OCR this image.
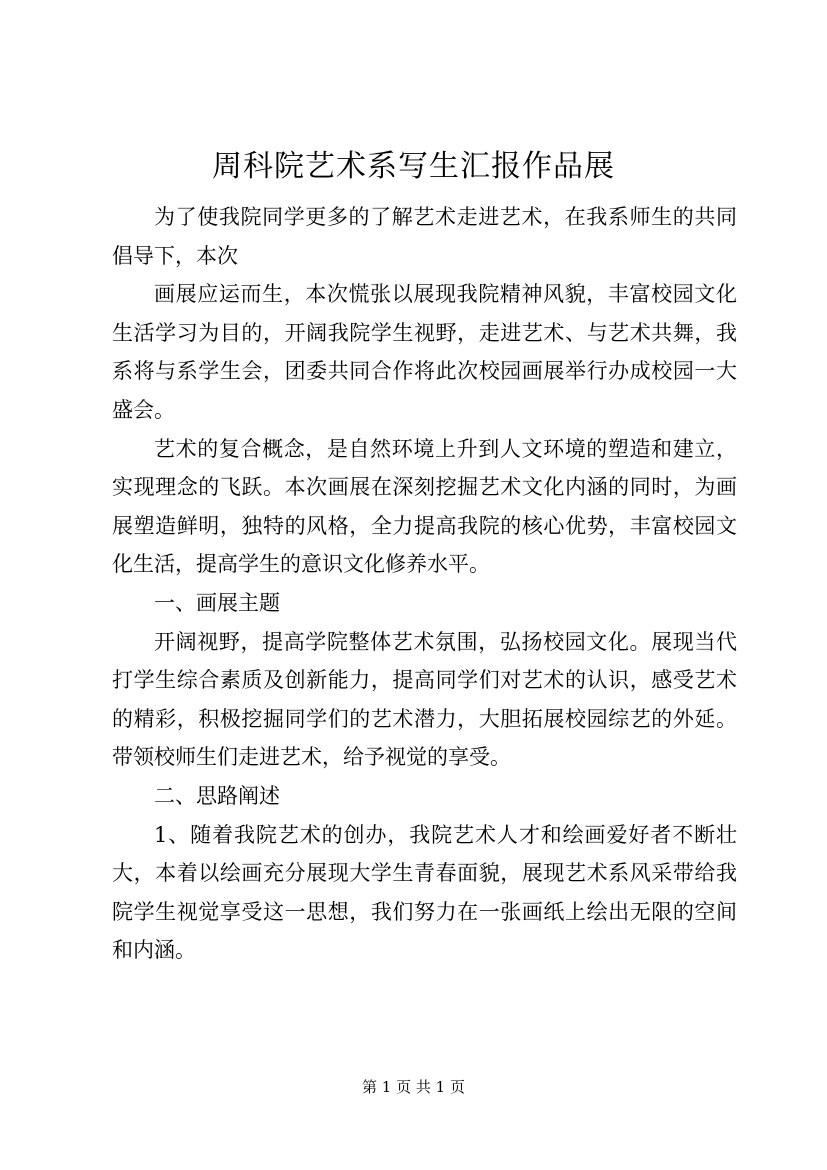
周科院艺术系写生汇报作品展

为了使我院同学更多的了解艺术走进艺术，在我系师生的共同倡导下，本次

画展应运而生，本次慌张以展现我院精神风貌，丰富校园文化生活学习为目的，开阔我院学生视野，走进艺术、与艺术共舞，我系将与系学生会，团委共同合作将此次校园画展举行办成校园一大盛会。

艺术的复合概念，是自然环境上升到人文环境的塑造和建立，实现理念的飞跃。本次画展在深刻挖掘艺术文化内涵的同时，为画展塑造鲜明，独特的风格，全力提高我院的核心优势，丰富校园文化生活，提高学生的意识文化修养水平。

一、画展主题

开阔视野，提高学院整体艺术氛围，弘扬校园文化。展现当代打学生综合素质及创新能力，提高同学们对艺术的认识，感受艺术的精彩，积极挖掘同学们的艺术潜力，大胆拓展校园综艺的外延。带领校师生们走进艺术，给予视觉的享受。

二、思路阐述

1、随着我院艺术的创办，我院艺术人才和绘画爱好者不断壮大，本着以绘画充分展现大学生青春面貌，展现艺术系风采带给我院学生视觉享受这一思想，我们努力在一张画纸上绘出无限的空间和内涵。

第 1 页 共 1 页
